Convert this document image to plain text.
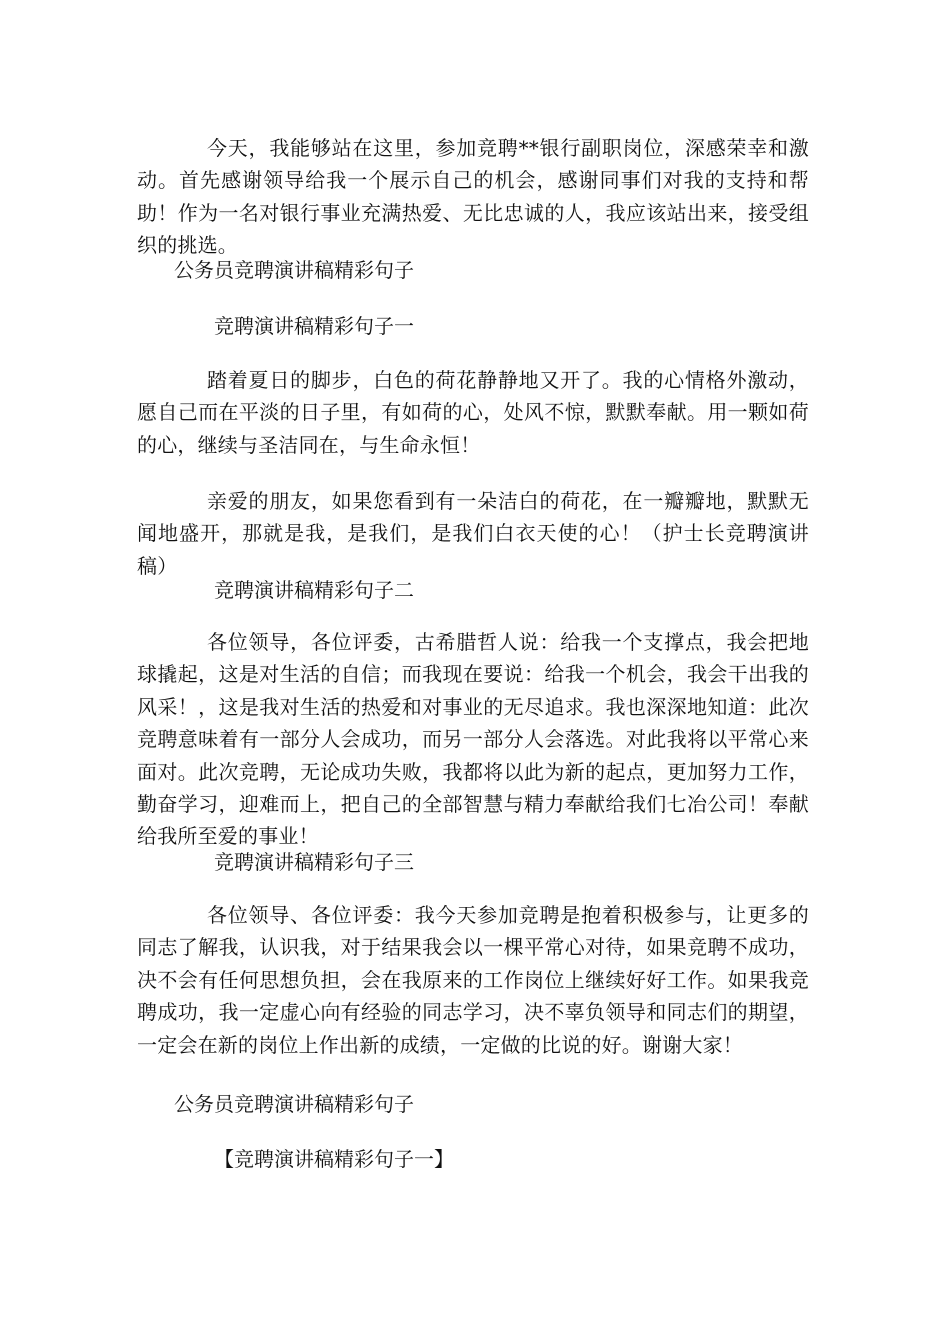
今天，我能够站在这里，参加竞聘**银行副职岗位，深感荣幸和激动。首先感谢领导给我一个展示自己的机会，感谢同事们对我的支持和帮助！作为一名对银行事业充满热爱、无比忠诚的人，我应该站出来，接受组织的挑选。

公务员竞聘演讲稿精彩句子

竞聘演讲稿精彩句子一

踏着夏日的脚步，白色的荷花静静地又开了。我的心情格外激动，愿自己而在平淡的日子里，有如荷的心，处风不惊，默默奉献。用一颗如荷的心，继续与圣洁同在，与生命永恒！

亲爱的朋友，如果您看到有一朵洁白的荷花，在一瓣瓣地，默默无闻地盛开，那就是我，是我们，是我们白衣天使的心！（护士长竞聘演讲稿）

竞聘演讲稿精彩句子二

各位领导，各位评委，古希腊哲人说：给我一个支撑点，我会把地球撬起，这是对生活的自信；而我现在要说：给我一个机会，我会干出我的风采！，这是我对生活的热爱和对事业的无尽追求。我也深深地知道：此次竞聘意味着有一部分人会成功，而另一部分人会落选。对此我将以平常心来面对。此次竞聘，无论成功失败，我都将以此为新的起点，更加努力工作，勤奋学习，迎难而上，把自己的全部智慧与精力奉献给我们七冶公司！奉献给我所至爱的事业！

竞聘演讲稿精彩句子三

各位领导、各位评委：我今天参加竞聘是抱着积极参与，让更多的同志了解我，认识我，对于结果我会以一棵平常心对待，如果竞聘不成功，决不会有任何思想负担，会在我原来的工作岗位上继续好好工作。如果我竞聘成功，我一定虚心向有经验的同志学习，决不辜负领导和同志们的期望，一定会在新的岗位上作出新的成绩，一定做的比说的好。谢谢大家！

公务员竞聘演讲稿精彩句子

【竞聘演讲稿精彩句子一】
